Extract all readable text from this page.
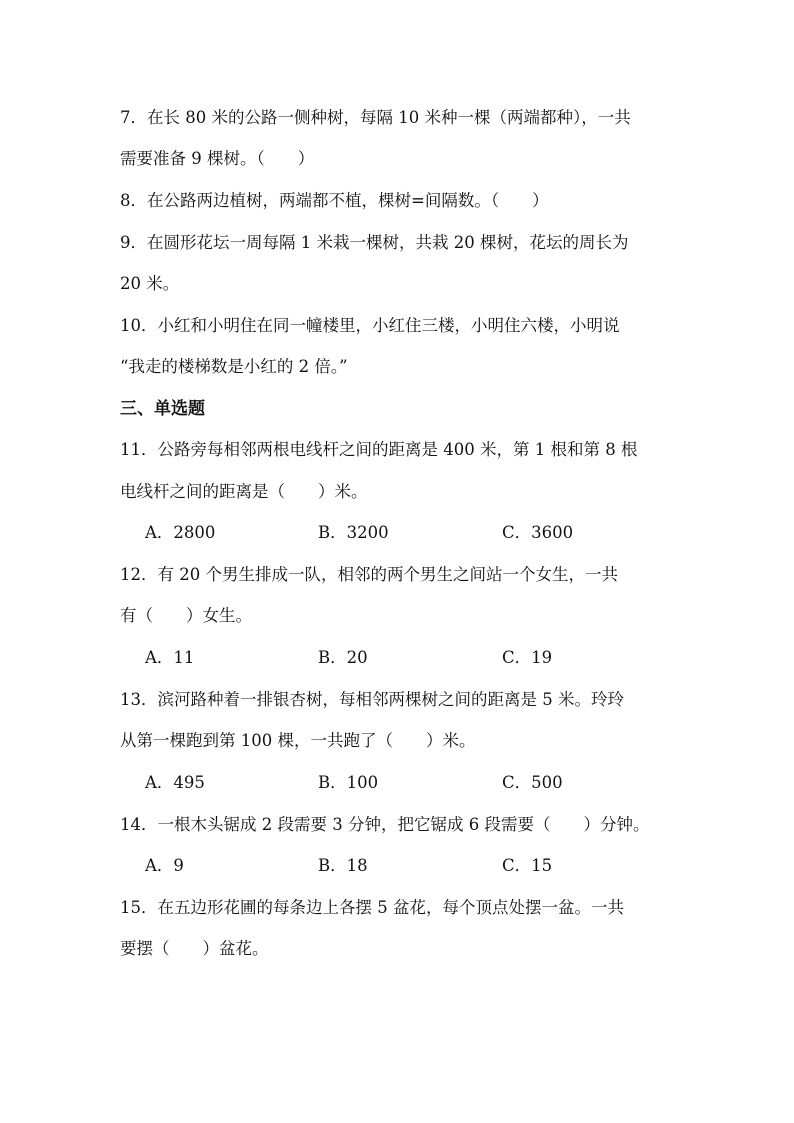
7．在长 80 米的公路一侧种树，每隔 10 米种一棵（两端都种），一共
需要准备 9 棵树。（　　）
8．在公路两边植树，两端都不植，棵树=间隔数。（　　）
9．在圆形花坛一周每隔 1 米栽一棵树，共栽 20 棵树，花坛的周长为
20 米。
10．小红和小明住在同一幢楼里，小红住三楼，小明住六楼，小明说
“我走的楼梯数是小红的 2 倍。”
三、单选题
11．公路旁每相邻两根电线杆之间的距离是 400 米，第 1 根和第 8 根
电线杆之间的距离是（　　）米。
A．2800	B．3200	C．3600
12．有 20 个男生排成一队，相邻的两个男生之间站一个女生，一共
有（　　）女生。
A．11	B．20	C．19
13．滨河路种着一排银杏树，每相邻两棵树之间的距离是 5 米。玲玲
从第一棵跑到第 100 棵，一共跑了（　　）米。
A．495	B．100	C．500
14．一根木头锯成 2 段需要 3 分钟，把它锯成 6 段需要（　　）分钟。
A．9	B．18	C．15
15．在五边形花圃的每条边上各摆 5 盆花，每个顶点处摆一盆。一共
要摆（　　）盆花。
